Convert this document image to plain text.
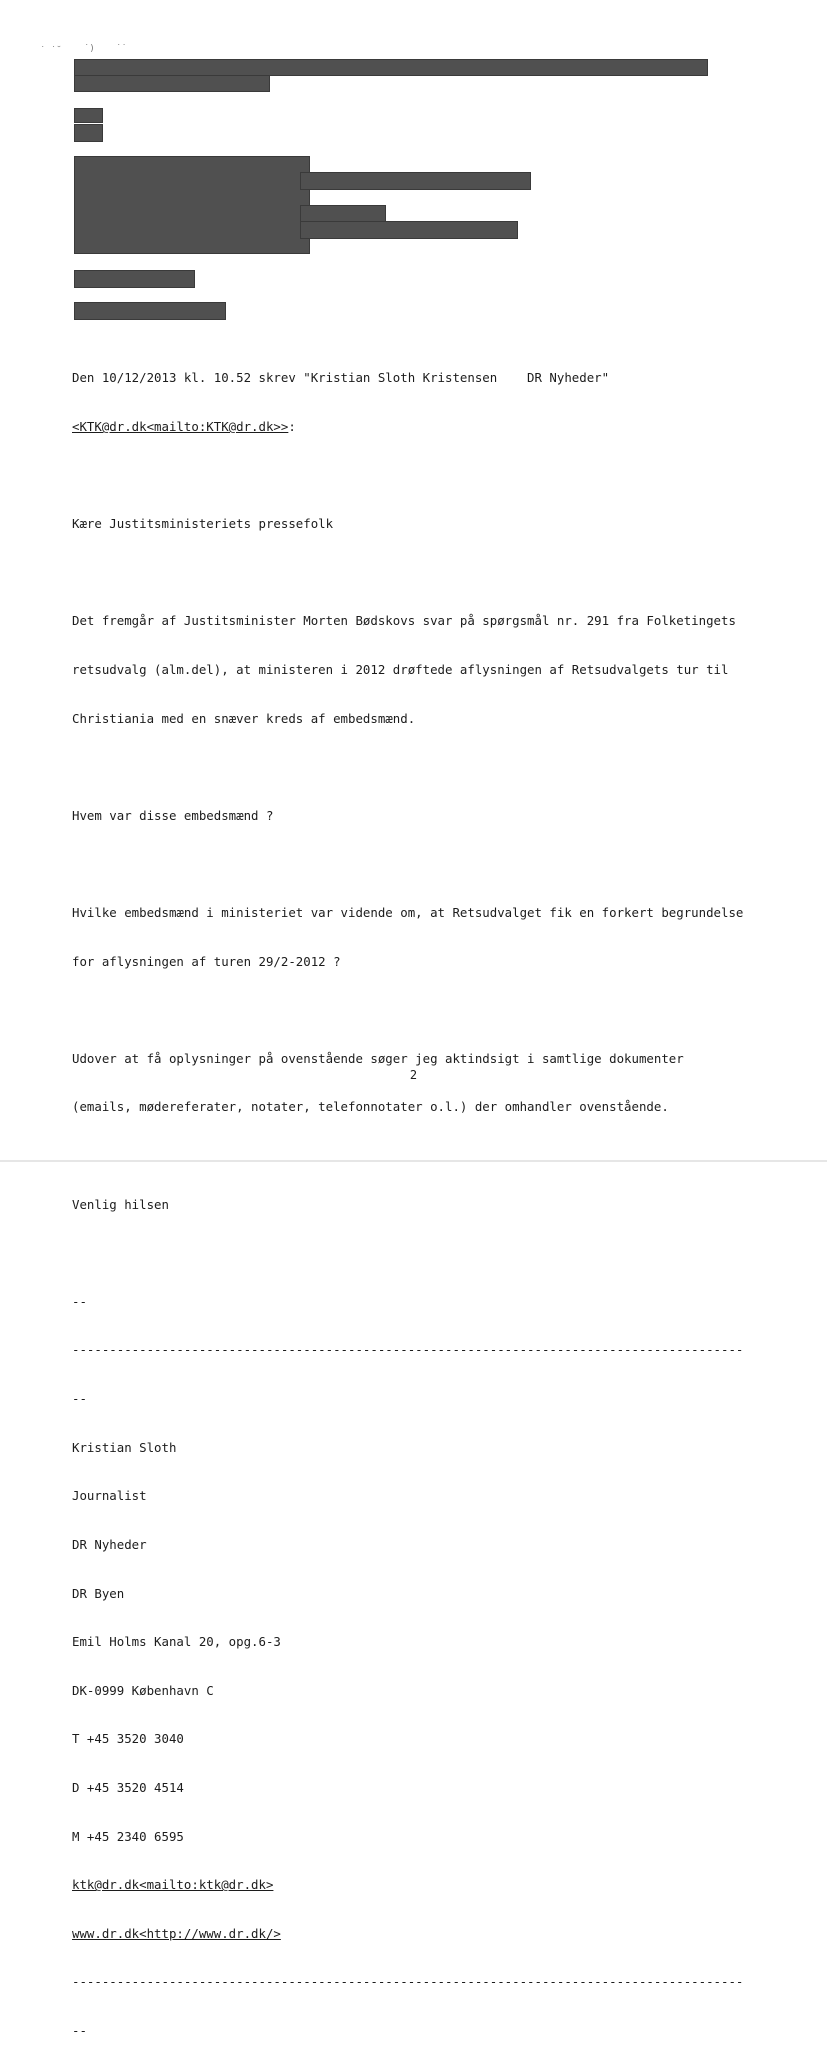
˙ ˙˘ ˙) ˙˙

Den 10/12/2013 kl. 10.52 skrev "Kristian Sloth Kristensen    DR Nyheder"

<KTK@dr.dk<mailto:KTK@dr.dk>>:

Kære Justitsministeriets pressefolk

Det fremgår af Justitsminister Morten Bødskovs svar på spørgsmål nr. 291 fra Folketingets

retsudvalg (alm.del), at ministeren i 2012 drøftede aflysningen af Retsudvalgets tur til

Christiania med en snæver kreds af embedsmænd.

Hvem var disse embedsmænd ?

Hvilke embedsmænd i ministeriet var vidende om, at Retsudvalget fik en forkert begrundelse

for aflysningen af turen 29/2-2012 ?

Udover at få oplysninger på ovenstående søger jeg aktindsigt i samtlige dokumenter

(emails, mødereferater, notater, telefonnotater o.l.) der omhandler ovenstående.

Venlig hilsen

--

------------------------------------------------------------------------------------------

--

Kristian Sloth

Journalist

DR Nyheder

DR Byen

Emil Holms Kanal 20, opg.6-3

DK-0999 København C

T +45 3520 3040

D +45 3520 4514

M +45 2340 6595

ktk@dr.dk<mailto:ktk@dr.dk>

www.dr.dk<http://www.dr.dk/>

------------------------------------------------------------------------------------------

--

2
